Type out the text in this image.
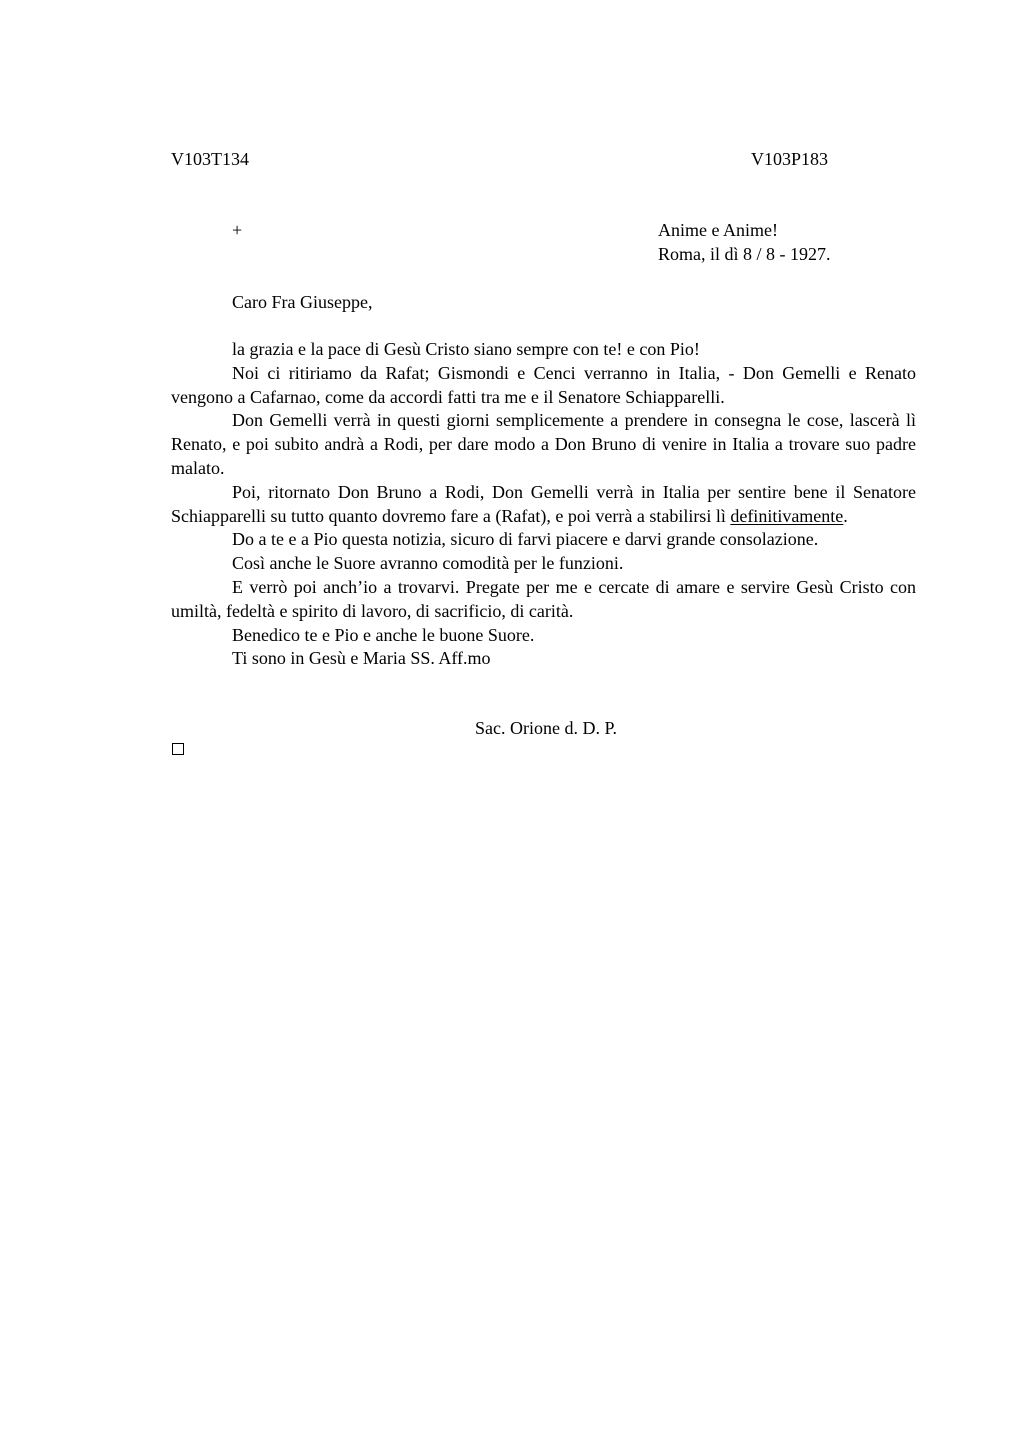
V103T134	V103P183
+	Anime e Anime!
Roma, il dì 8 / 8 - 1927.
Caro Fra Giuseppe,

la grazia e la pace di Gesù Cristo siano sempre con te! e con Pio!

Noi ci ritiriamo da Rafat; Gismondi e Cenci verranno in Italia, - Don Gemelli e Renato vengono a Cafarnao, come da accordi fatti tra me e il Senatore Schiapparelli.

Don Gemelli verrà in questi giorni semplicemente a prendere in consegna le cose, lascerà lì Renato, e poi subito andrà a Rodi, per dare modo a Don Bruno di venire in Italia a trovare suo padre malato.

Poi, ritornato Don Bruno a Rodi, Don Gemelli verrà in Italia per sentire bene il Senatore Schiapparelli su tutto quanto dovremo fare a (Rafat), e poi verrà a stabilirsi lì definitivamente.

Do a te e a Pio questa notizia, sicuro di farvi piacere e darvi grande consolazione.

Così anche le Suore avranno comodità per le funzioni.

E verrò poi anch’io a trovarvi. Pregate per me e cercate di amare e servire Gesù Cristo con umiltà, fedeltà e spirito di lavoro, di sacrificio, di carità.

Benedico te e Pio e anche le buone Suore.

Ti sono in Gesù e Maria SS. Aff.mo

Sac. Orione d. D. P.
